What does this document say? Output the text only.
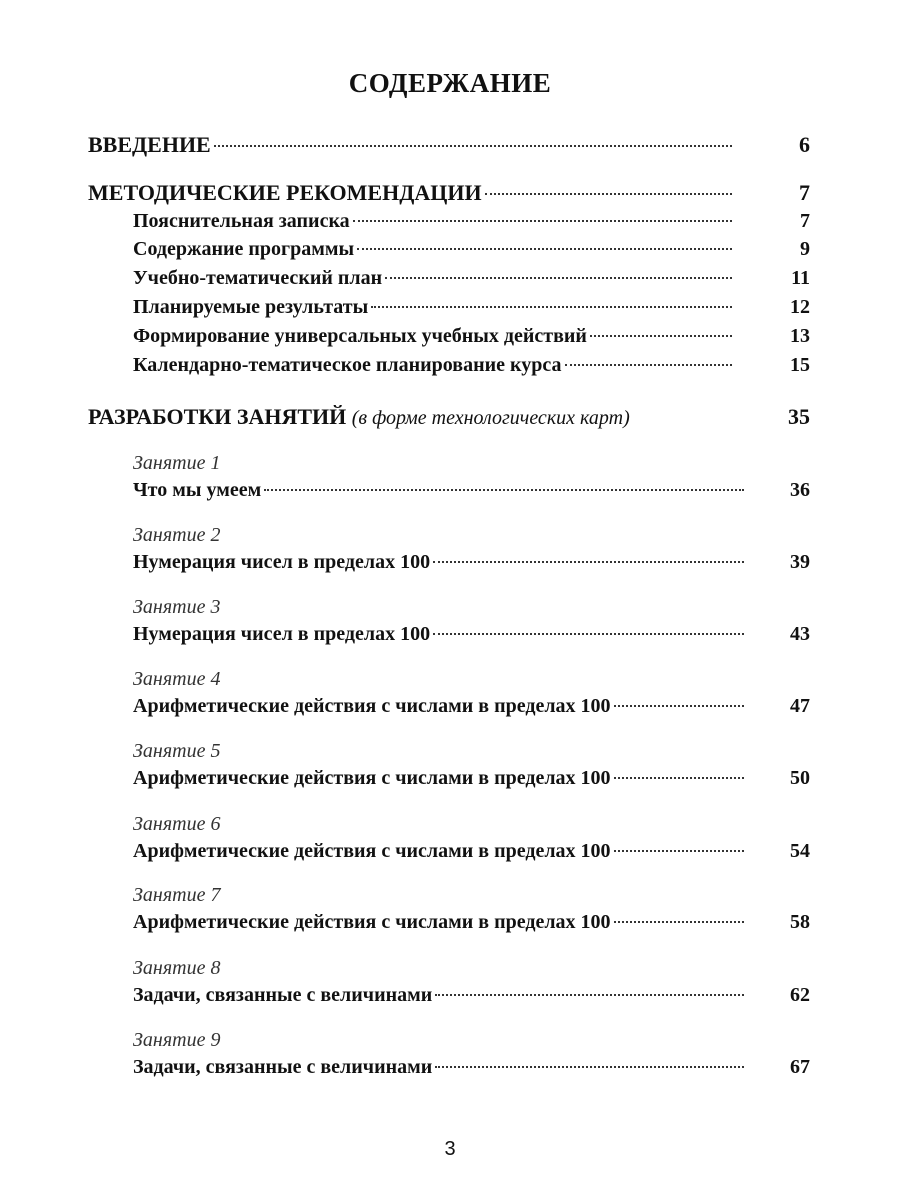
СОДЕРЖАНИЕ
ВВЕДЕНИЕ	6
МЕТОДИЧЕСКИЕ РЕКОМЕНДАЦИИ	7
Пояснительная записка	7
Содержание программы	9
Учебно-тематический план	11
Планируемые результаты	12
Формирование универсальных учебных действий	13
Календарно-тематическое планирование курса	15
РАЗРАБОТКИ ЗАНЯТИЙ (в форме технологических карт)	35
Занятие 1
Что мы умеем	36
Занятие 2
Нумерация чисел в пределах 100	39
Занятие 3
Нумерация чисел в пределах 100	43
Занятие 4
Арифметические действия с числами в пределах 100	47
Занятие 5
Арифметические действия с числами в пределах 100	50
Занятие 6
Арифметические действия с числами в пределах 100	54
Занятие 7
Арифметические действия с числами в пределах 100	58
Занятие 8
Задачи, связанные с величинами	62
Занятие 9
Задачи, связанные с величинами	67
3
